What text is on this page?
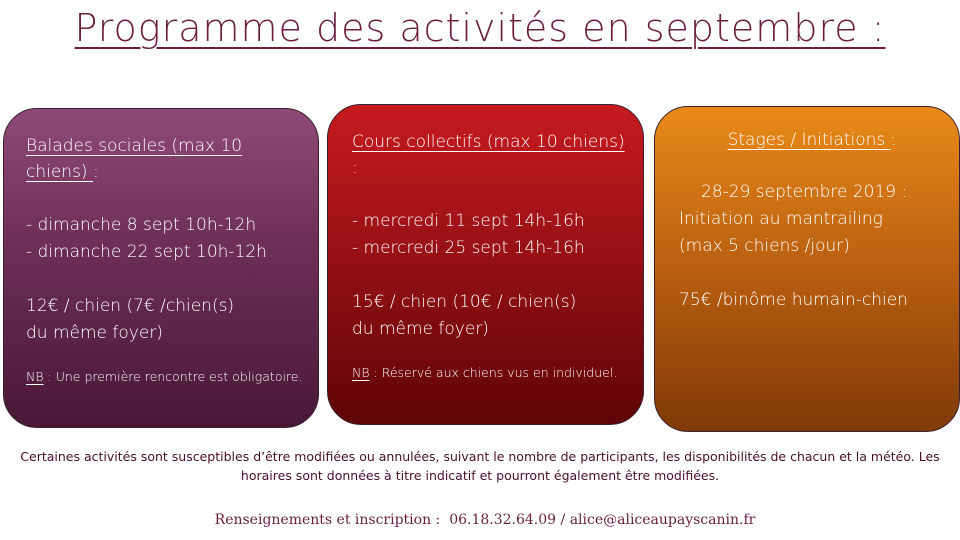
Programme des activités en septembre :
Balades sociales (max 10 chiens) :
- dimanche 8 sept 10h-12h
- dimanche 22 sept 10h-12h
12€ / chien (7€ /chien(s)
du même foyer)
NB : Une première rencontre est obligatoire.
Cours collectifs (max 10 chiens) :
- mercredi 11 sept 14h-16h
- mercredi 25 sept 14h-16h
15€ / chien (10€ / chien(s)
du même foyer)
NB : Réservé aux chiens vus en individuel.
Stages / Initiations :
28-29 septembre 2019 :
Initiation au mantrailing
(max 5 chiens /jour)
75€ /binôme humain-chien
Certaines activités sont susceptibles d’être modifiées ou annulées, suivant le nombre de participants, les disponibilités de chacun et la météo. Les horaires sont données à titre indicatif et pourront également être modifiées.
Renseignements et inscription : 06.18.32.64.09 / alice@aliceaupayscanin.fr
